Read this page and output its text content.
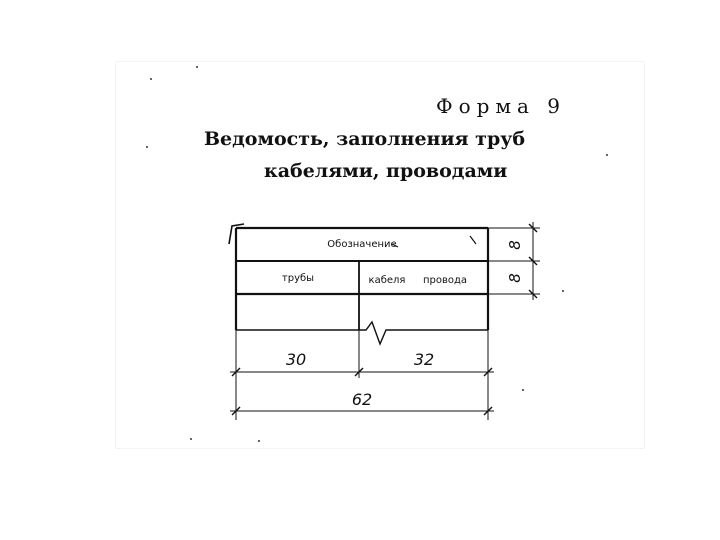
Форма 9
Ведомость, заполнения труб
кабелями, проводами
Обозначение
трубы	кабеля провода
30	32
62
8
8
